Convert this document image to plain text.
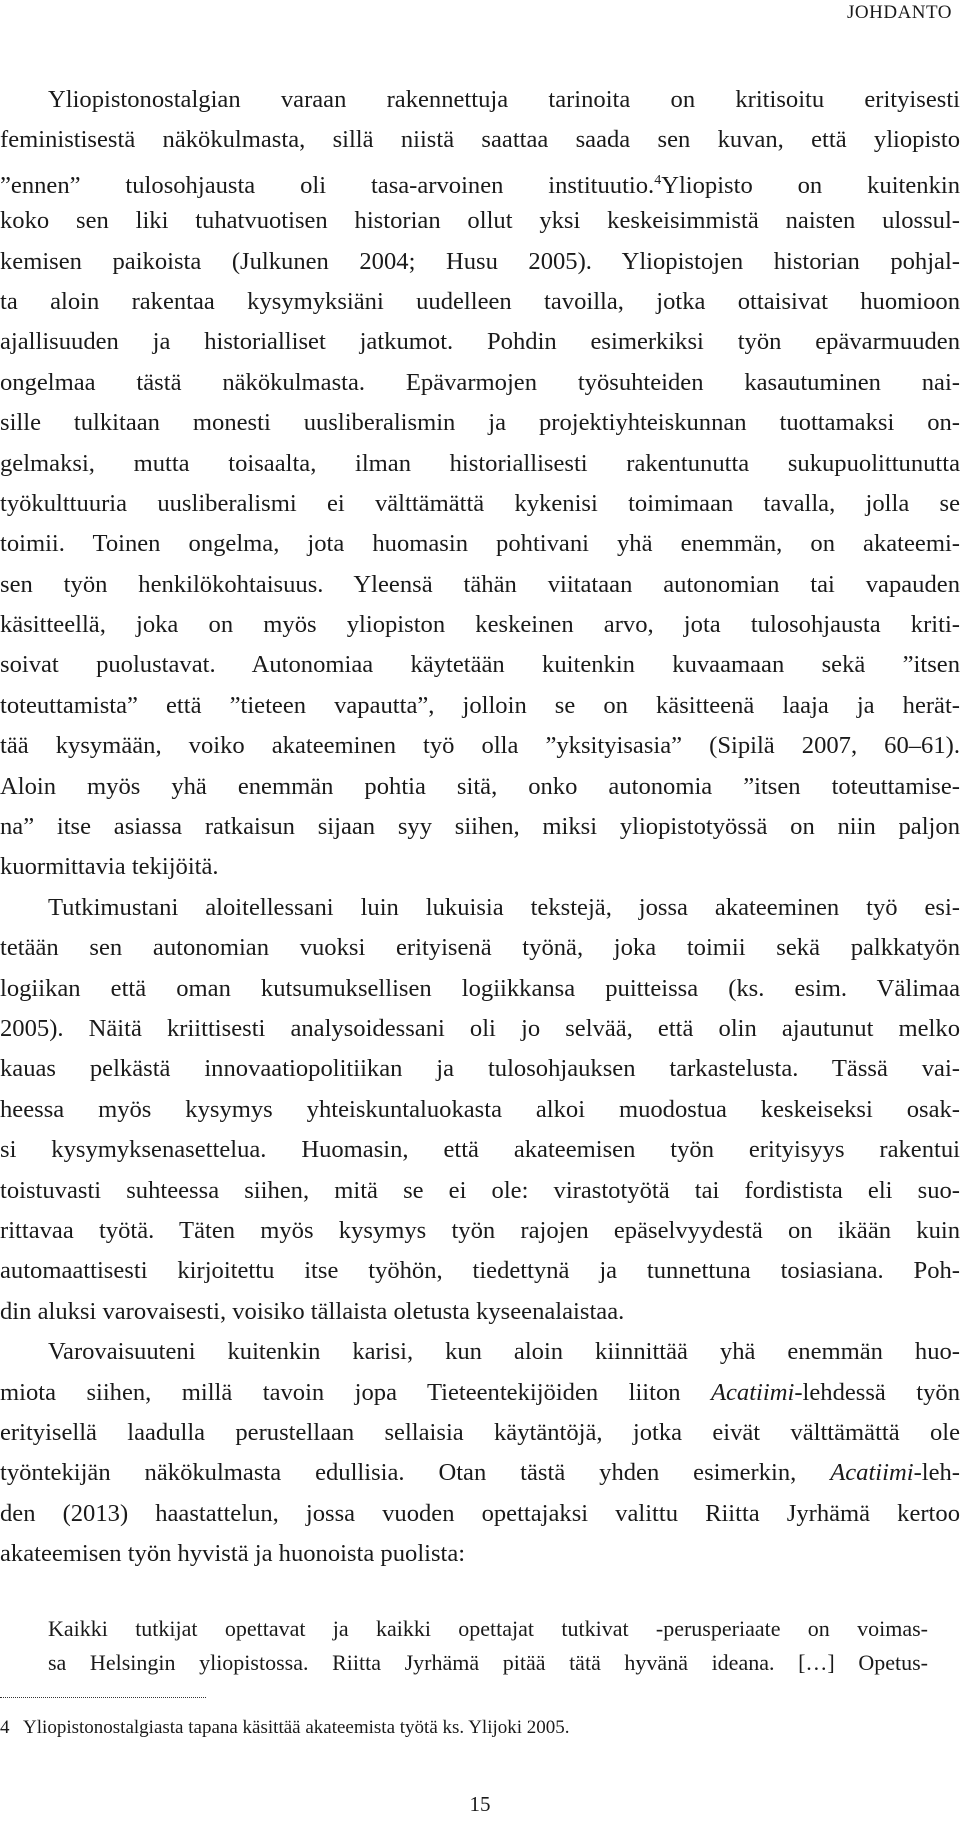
JOHDANTO
Yliopistonostalgian varaan rakennettuja tarinoita on kritisoitu erityisesti
feministisestä näkökulmasta, sillä niistä saattaa saada sen kuvan, että yliopisto
”ennen” tulosohjausta oli tasa-arvoinen instituutio.$^4$Yliopisto on kuitenkin
koko sen liki tuhatvuotisen historian ollut yksi keskeisimmistä naisten ulossul-
kemisen paikoista (Julkunen 2004; Husu 2005). Yliopistojen historian pohjal-
ta aloin rakentaa kysymyksiäni uudelleen tavoilla, jotka ottaisivat huomioon
ajallisuuden ja historialliset jatkumot. Pohdin esimerkiksi työn epävarmuuden
ongelmaa tästä näkökulmasta. Epävarmojen työsuhteiden kasautuminen nai-
sille tulkitaan monesti uusliberalismin ja projektiyhteiskunnan tuottamaksi on-
gelmaksi, mutta toisaalta, ilman historiallisesti rakentunutta sukupuolittunutta
työkulttuuria uusliberalismi ei välttämättä kykenisi toimimaan tavalla, jolla se
toimii. Toinen ongelma, jota huomasin pohtivani yhä enemmän, on akateemi-
sen työn henkilökohtaisuus. Yleensä tähän viitataan autonomian tai vapauden
käsitteellä, joka on myös yliopiston keskeinen arvo, jota tulosohjausta kriti-
soivat puolustavat. Autonomiaa käytetään kuitenkin kuvaamaan sekä ”itsen
toteuttamista” että ”tieteen vapautta”, jolloin se on käsitteenä laaja ja herät-
tää kysymään, voiko akateeminen työ olla ”yksityisasia” (Sipilä 2007, 60–61).
Aloin myös yhä enemmän pohtia sitä, onko autonomia ”itsen toteuttamise-
na” itse asiassa ratkaisun sijaan syy siihen, miksi yliopistotyössä on niin paljon
kuormittavia tekijöitä.
Tutkimustani aloitellessani luin lukuisia tekstejä, jossa akateeminen työ esi-
tetään sen autonomian vuoksi erityisenä työnä, joka toimii sekä palkkatyön
logiikan että oman kutsumuksellisen logiikkansa puitteissa (ks. esim. Välimaa
2005). Näitä kriittisesti analysoidessani oli jo selvää, että olin ajautunut melko
kauas pelkästä innovaatiopolitiikan ja tulosohjauksen tarkastelusta. Tässä vai-
heessa myös kysymys yhteiskuntaluokasta alkoi muodostua keskeiseksi osak-
si kysymyksenasettelua. Huomasin, että akateemisen työn erityisyys rakentui
toistuvasti suhteessa siihen, mitä se ei ole: virastotyötä tai fordistista eli suo-
rittavaa työtä. Täten myös kysymys työn rajojen epäselvyydestä on ikään kuin
automaattisesti kirjoitettu itse työhön, tiedettynä ja tunnettuna tosiasiana. Poh-
din aluksi varovaisesti, voisiko tällaista oletusta kyseenalaistaa.
Varovaisuuteni kuitenkin karisi, kun aloin kiinnittää yhä enemmän huo-
miota siihen, millä tavoin jopa Tieteentekijöiden liiton Acatiimi-lehdessä työn
erityisellä laadulla perustellaan sellaisia käytäntöjä, jotka eivät välttämättä ole
työntekijän näkökulmasta edullisia. Otan tästä yhden esimerkin, Acatiimi-leh-
den (2013) haastattelun, jossa vuoden opettajaksi valittu Riitta Jyrhämä kertoo
akateemisen työn hyvistä ja huonoista puolista:
Kaikki tutkijat opettavat ja kaikki opettajat tutkivat -perusperiaate on voimas-
sa Helsingin yliopistossa. Riitta Jyrhämä pitää tätä hyvänä ideana. […] Opetus-
4 Yliopistonostalgiasta tapana käsittää akateemista työtä ks. Ylijoki 2005.
15
